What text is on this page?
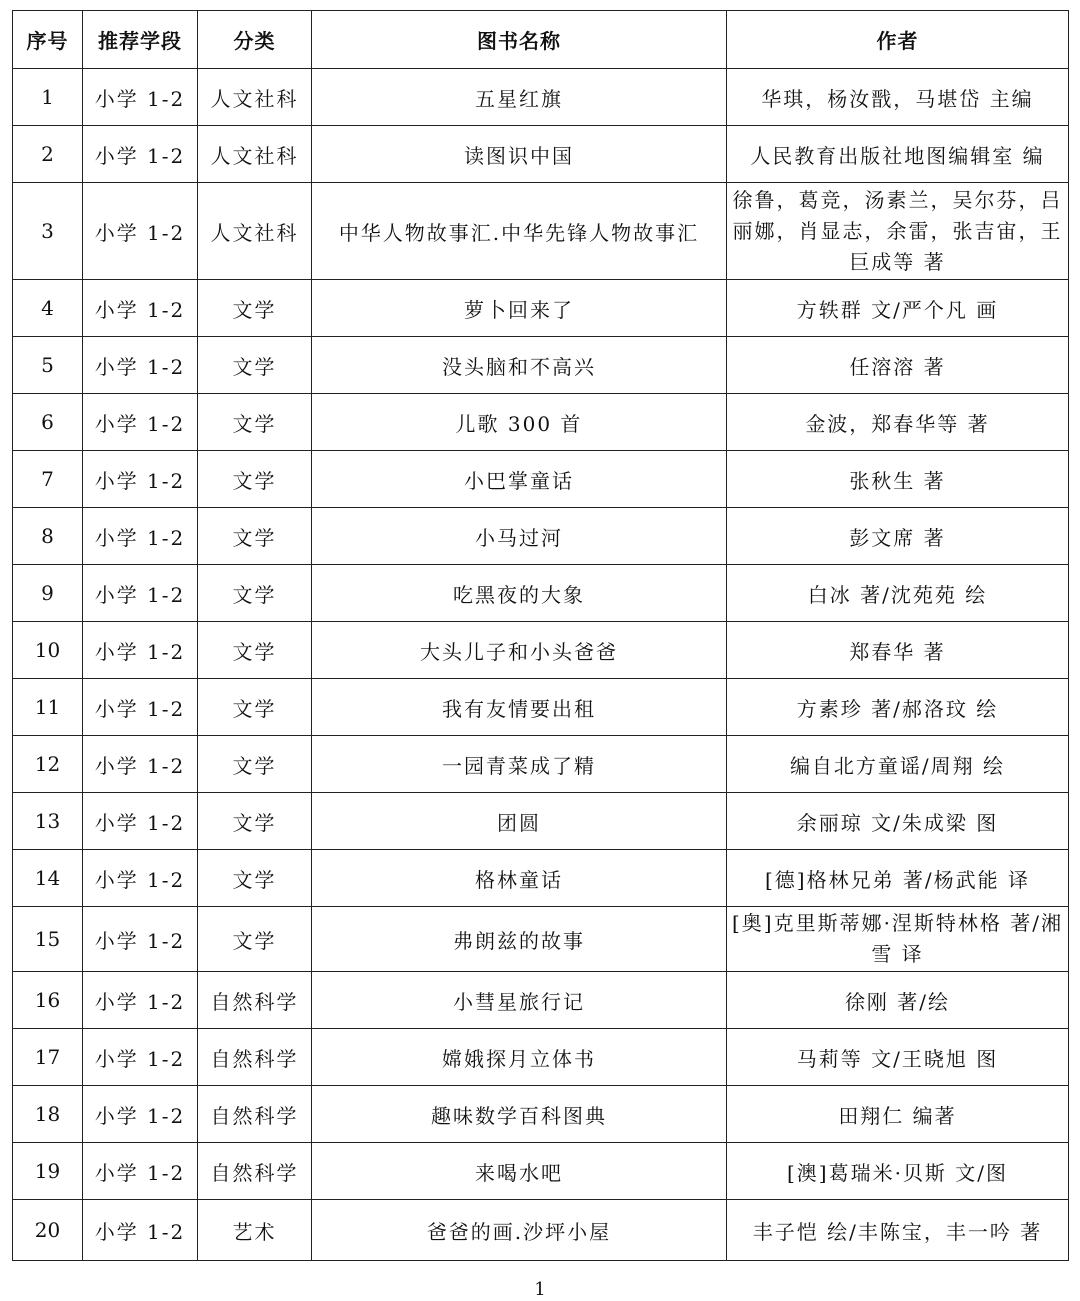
序号	推荐学段	分类	图书名称	作者
1	小学 1-2	人文社科	五星红旗	华琪，杨汝戬，马堪岱 主编
2	小学 1-2	人文社科	读图识中国	人民教育出版社地图编辑室 编
3	小学 1-2	人文社科	中华人物故事汇.中华先锋人物故事汇	徐鲁，葛竞，汤素兰，吴尔芬，吕丽娜，肖显志，余雷，张吉宙，王巨成等 著
4	小学 1-2	文学	萝卜回来了	方轶群 文/严个凡 画
5	小学 1-2	文学	没头脑和不高兴	任溶溶 著
6	小学 1-2	文学	儿歌 300 首	金波，郑春华等 著
7	小学 1-2	文学	小巴掌童话	张秋生 著
8	小学 1-2	文学	小马过河	彭文席 著
9	小学 1-2	文学	吃黑夜的大象	白冰 著/沈苑苑 绘
10	小学 1-2	文学	大头儿子和小头爸爸	郑春华 著
11	小学 1-2	文学	我有友情要出租	方素珍 著/郝洛玟 绘
12	小学 1-2	文学	一园青菜成了精	编自北方童谣/周翔 绘
13	小学 1-2	文学	团圆	余丽琼 文/朱成梁 图
14	小学 1-2	文学	格林童话	[德]格林兄弟 著/杨武能 译
15	小学 1-2	文学	弗朗兹的故事	[奥]克里斯蒂娜·涅斯特林格 著/湘雪 译
16	小学 1-2	自然科学	小彗星旅行记	徐刚 著/绘
17	小学 1-2	自然科学	嫦娥探月立体书	马莉等 文/王晓旭 图
18	小学 1-2	自然科学	趣味数学百科图典	田翔仁 编著
19	小学 1-2	自然科学	来喝水吧	[澳]葛瑞米·贝斯 文/图
20	小学 1-2	艺术	爸爸的画.沙坪小屋	丰子恺 绘/丰陈宝，丰一吟 著
1
